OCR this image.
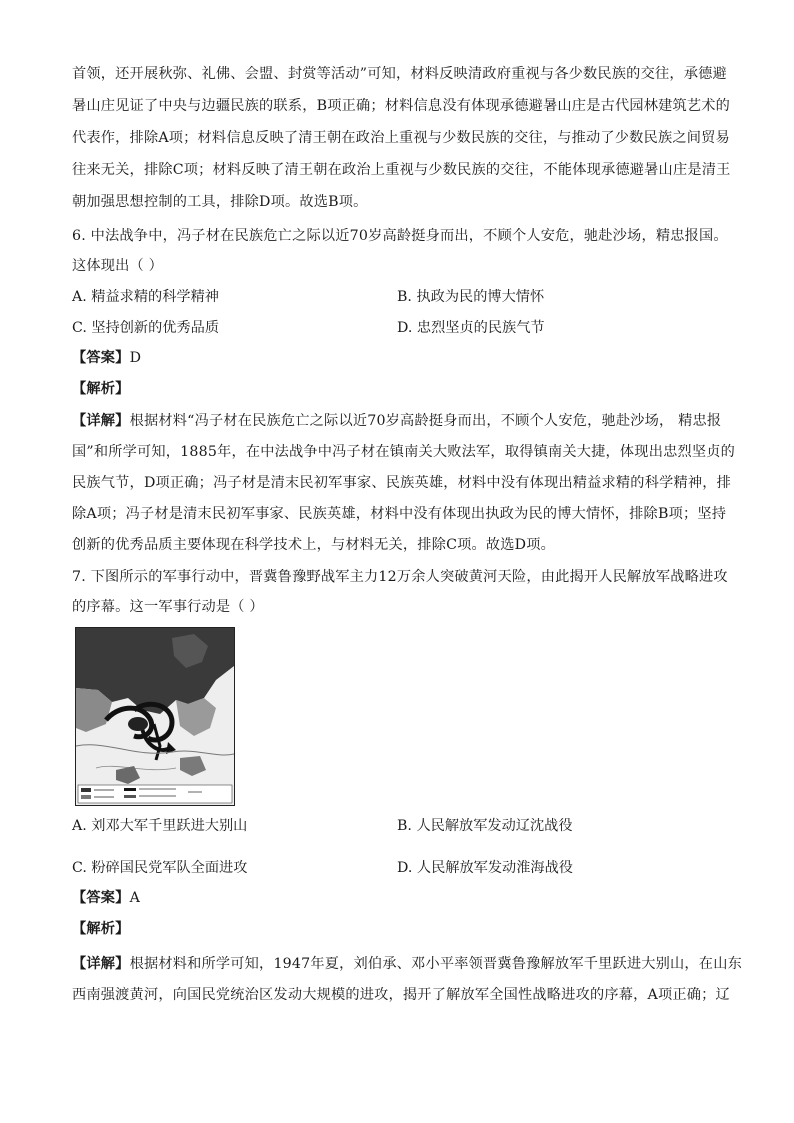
首领，还开展秋弥、礼佛、会盟、封赏等活动”可知，材料反映清政府重视与各少数民族的交往，承德避
暑山庄见证了中央与边疆民族的联系，B项正确；材料信息没有体现承德避暑山庄是古代园林建筑艺术的
代表作，排除A项；材料信息反映了清王朝在政治上重视与少数民族的交往，与推动了少数民族之间贸易
往来无关，排除C项；材料反映了清王朝在政治上重视与少数民族的交往，不能体现承德避暑山庄是清王
朝加强思想控制的工具，排除D项。故选B项。
6. 中法战争中，冯子材在民族危亡之际以近70岁高龄挺身而出，不顾个人安危，驰赴沙场，精忠报国。
这体现出（ ）
A. 精益求精的科学精神	B. 执政为民的博大情怀
C. 坚持创新的优秀品质	D. 忠烈坚贞的民族气节
【答案】D
【解析】
【详解】根据材料“冯子材在民族危亡之际以近70岁高龄挺身而出，不顾个人安危，驰赴沙场， 精忠报
国”和所学可知，1885年，在中法战争中冯子材在镇南关大败法军，取得镇南关大捷，体现出忠烈坚贞的
民族气节，D项正确；冯子材是清末民初军事家、民族英雄，材料中没有体现出精益求精的科学精神，排
除A项；冯子材是清末民初军事家、民族英雄，材料中没有体现出执政为民的博大情怀，排除B项；坚持
创新的优秀品质主要体现在科学技术上，与材料无关，排除C项。故选D项。
7. 下图所示的军事行动中，晋冀鲁豫野战军主力12万余人突破黄河天险，由此揭开人民解放军战略进攻
的序幕。这一军事行动是（ ）
A. 刘邓大军千里跃进大别山	B. 人民解放军发动辽沈战役
C. 粉碎国民党军队全面进攻	D. 人民解放军发动淮海战役
【答案】A
【解析】
【详解】根据材料和所学可知，1947年夏，刘伯承、邓小平率领晋冀鲁豫解放军千里跃进大别山，在山东
西南强渡黄河，向国民党统治区发动大规模的进攻，揭开了解放军全国性战略进攻的序幕，A项正确；辽
